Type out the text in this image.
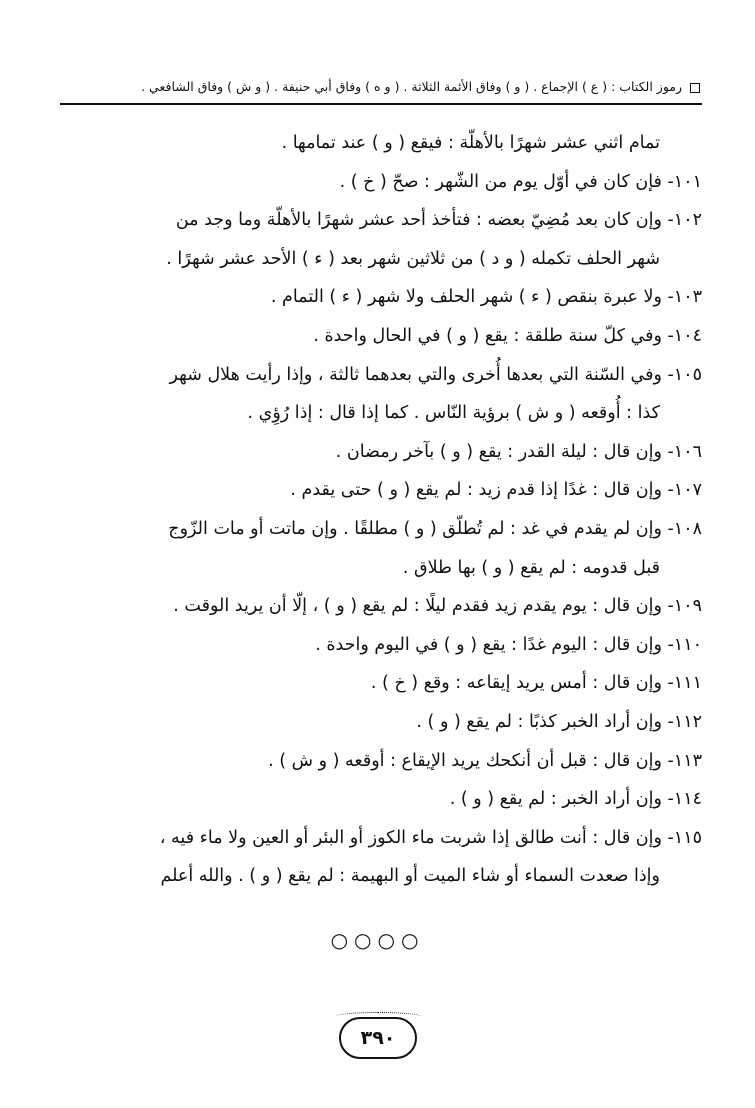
رموز الكتاب : ( ع ) الإجماع . ( و ) وفاق الأئمة الثلاثة . ( و ه ) وفاق أبي حنيفة . ( و ش ) وفاق الشافعي .
تمام اثني عشر شهرًا بالأهلّة : فيقع ( و ) عند تمامها .
١٠١- فإن كان في أوّل يوم من الشّهر : صحّ ( خ ) .
١٠٢- وإن كان بعد مُضِيّ بعضه : فتأخذ أحد عشر شهرًا بالأهلّة وما وجد من
شهر الحلف تكمله ( و د ) من ثلاثين شهر بعد ( ء ) الأحد عشر شهرًا .
١٠٣- ولا عبرة بنقص ( ء ) شهر الحلف ولا شهر ( ء ) التمام .
١٠٤- وفي كلّ سنة طلقة : يقع ( و ) في الحال واحدة .
١٠٥- وفي السّنة التي بعدها أُخرى والتي بعدهما ثالثة ، وإذا رأيت هلال شهر
كذا : أُوقعه ( و ش ) برؤية النّاس . كما إذا قال : إذا رُؤِي .
١٠٦- وإن قال : ليلة القدر : يقع ( و ) بآخر رمضان .
١٠٧- وإن قال : غدًا إذا قدم زيد : لم يقع ( و ) حتى يقدم .
١٠٨- وإن لم يقدم في غد : لم تُطلّق ( و ) مطلقًا . وإن ماتت أو مات الزّوج
قبل قدومه : لم يقع ( و ) بها طلاق .
١٠٩- وإن قال : يوم يقدم زيد فقدم ليلًا : لم يقع ( و ) ، إلّا أن يريد الوقت .
١١٠- وإن قال : اليوم غدًا : يقع ( و ) في اليوم واحدة .
١١١- وإن قال : أمس يريد إيقاعه : وقع ( خ ) .
١١٢- وإن أراد الخبر كذبًا : لم يقع ( و ) .
١١٣- وإن قال : قبل أن أنكحك يريد الإيقاع : أوقعه ( و ش ) .
١١٤- وإن أراد الخبر : لم يقع ( و ) .
١١٥- وإن قال : أنت طالق إذا شربت ماء الكوز أو البئر أو العين ولا ماء فيه ،
وإذا صعدت السماء أو شاء الميت أو البهيمة : لم يقع ( و ) . والله أعلم
○○○○
٣٩٠
